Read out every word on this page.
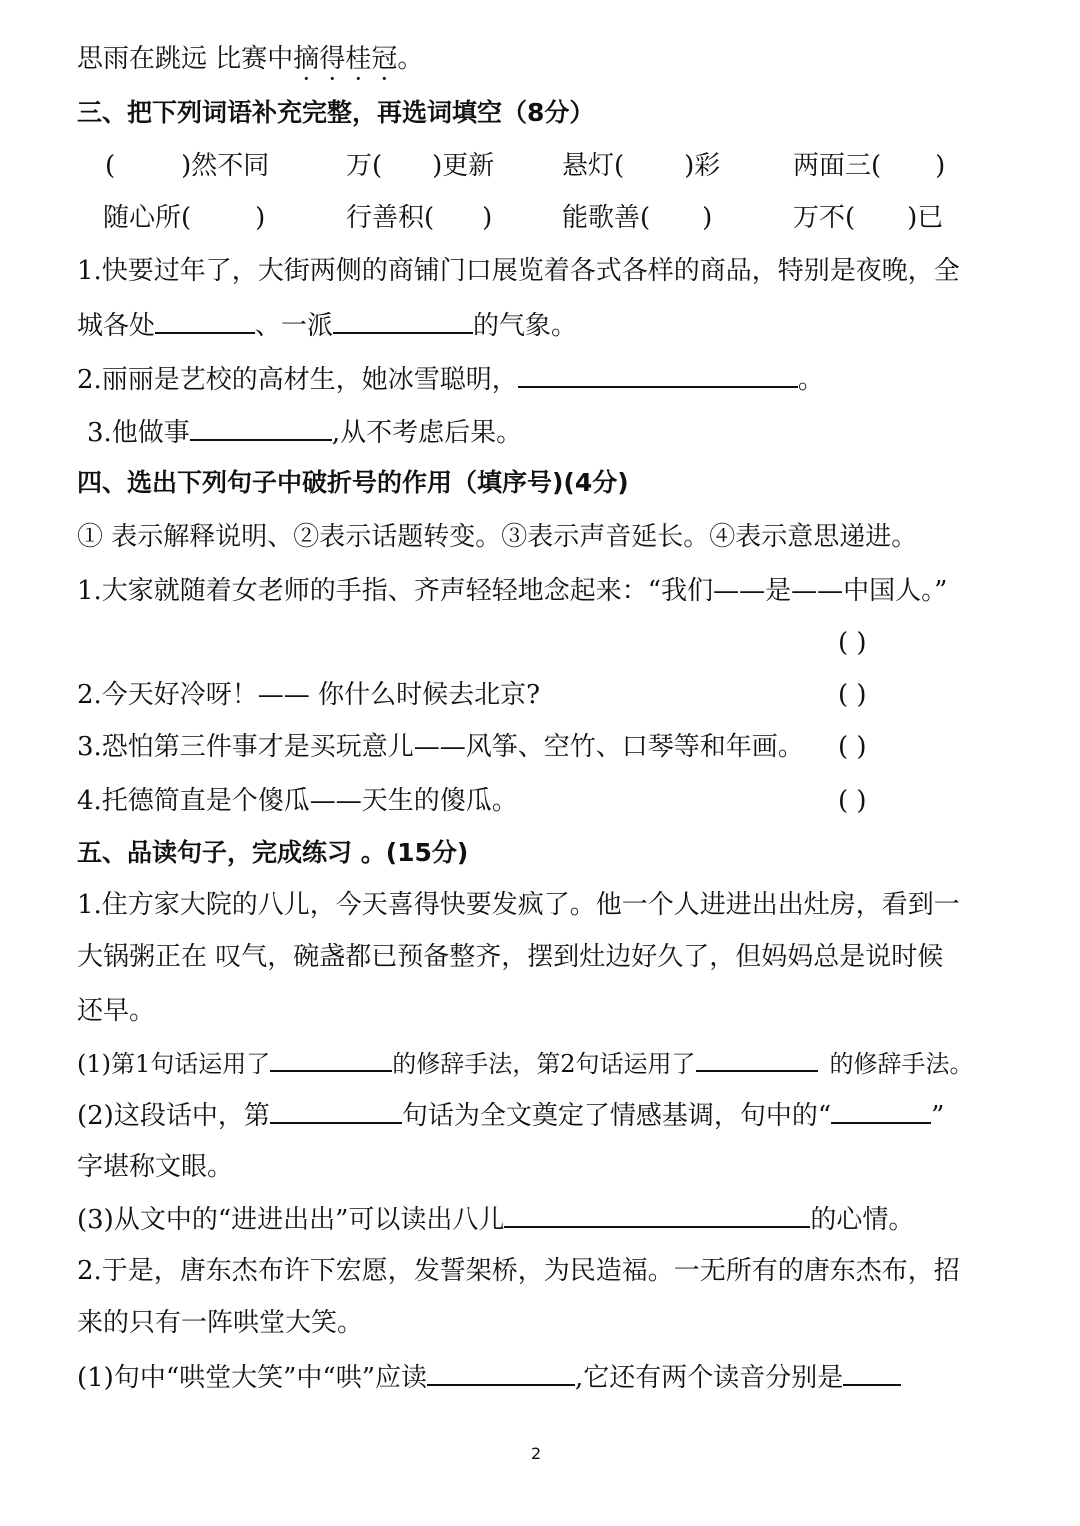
思雨在跳远 比赛中摘得桂冠。
三、把下列词语补充完整，再选词填空（8分）
(	)然不同	万( )更新	悬灯( )彩	两面三( )
随心所( )	行善积( )	能歌善( )	万不( )已
1.快要过年了，大街两侧的商铺门口展览着各式各样的商品，特别是夜晚，全
城各处	、一派	的气象。
2.丽丽是艺校的高材生，她冰雪聪明，	。
3.他做事	,从不考虑后果。
四、选出下列句子中破折号的作用（填序号)(4分)
① 表示解释说明、②表示话题转变。③表示声音延长。④表示意思递进。
1.大家就随着女老师的手指、齐声轻轻地念起来：“我们——是——中国人。”
( )
2.今天好冷呀！—— 你什么时候去北京?	( )
3.恐怕第三件事才是买玩意儿——风筝、空竹、口琴等和年画。 ( )
4.托德简直是个傻瓜——天生的傻瓜。	( )
五、品读句子，完成练习 。(15分)
1.住方家大院的八儿，今天喜得快要发疯了。他一个人进进出出灶房，看到一
大锅粥正在 叹气，碗盏都已预备整齐，摆到灶边好久了，但妈妈总是说时候
还早。
(1)第1句话运用了	的修辞手法，第2句话运用了	的修辞手法。
(2)这段话中，第	句话为全文奠定了情感基调，句中的“	”
字堪称文眼。
(3)从文中的“进进出出”可以读出八儿	的心情。
2.于是，唐东杰布许下宏愿，发誓架桥，为民造福。一无所有的唐东杰布，招
来的只有一阵哄堂大笑。
(1)句中“哄堂大笑”中“哄”应读	,它还有两个读音分别是
2
